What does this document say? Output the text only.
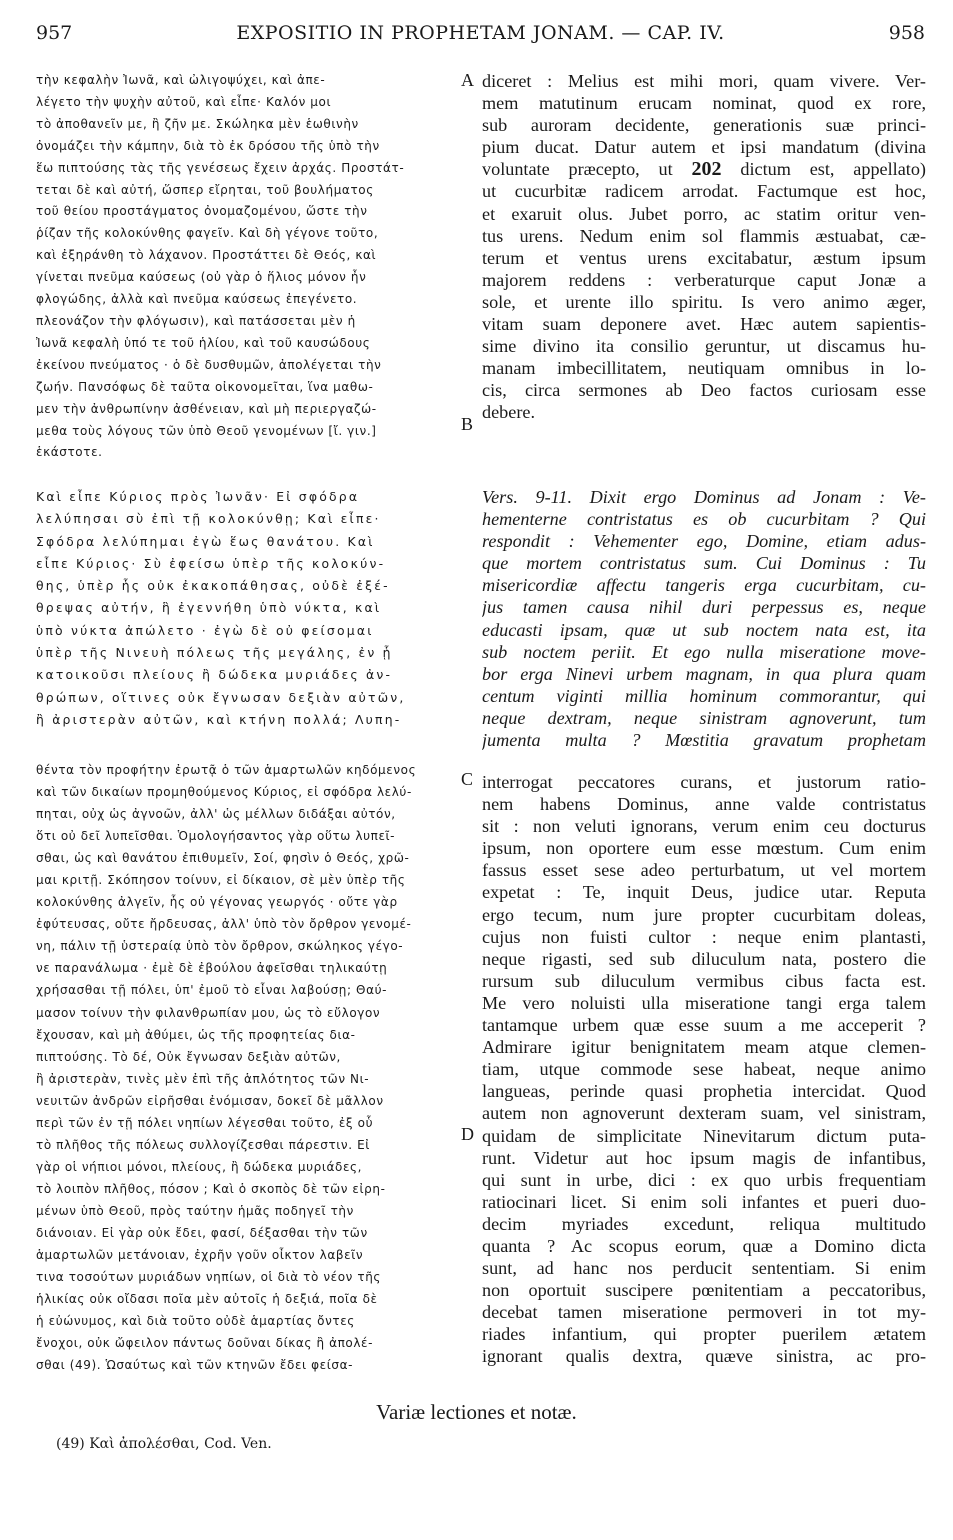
957	EXPOSITIO IN PROPHETAM JONAM. — CAP. IV.	958
τὴν κεφαλὴν Ἰωνᾶ, καὶ ὠλιγοψύχει, καὶ ἀπε-
λέγετο τὴν ψυχὴν αὐτοῦ, καὶ εἶπε· Καλόν μοι
τὸ ἀποθανεῖν με, ἢ ζῆν με. Σκώληκα μὲν ἑωθινὴν
ὀνομάζει τὴν κάμπην, διὰ τὸ ἐκ δρόσου τῆς ὑπὸ τὴν
ἕω πιπτούσης τὰς τῆς γενέσεως ἔχειν ἀρχάς. Προστάτ-
τεται δὲ καὶ αὐτή, ὥσπερ εἴρηται, τοῦ βουλήματος
τοῦ θείου προστάγματος ὀνομαζομένου, ὥστε τὴν
ῥίζαν τῆς κολοκύνθης φαγεῖν. Καὶ δὴ γέγονε τοῦτο,
καὶ ἐξηράνθη τὸ λάχανον. Προστάττει δὲ Θεός, καὶ
γίνεται πνεῦμα καύσεως (οὐ γὰρ ὁ ἥλιος μόνον ἦν
φλογώδης, ἀλλὰ καὶ πνεῦμα καύσεως ἐπεγένετο.
πλεονάζον τὴν φλόγωσιν), καὶ πατάσσεται μὲν ἡ
Ἰωνᾶ κεφαλὴ ὑπό τε τοῦ ἡλίου, καὶ τοῦ καυσώδους
ἐκείνου πνεύματος · ὁ δὲ δυσθυμῶν, ἀπολέγεται τὴν
ζωήν. Πανσόφως δὲ ταῦτα οἰκονομεῖται, ἵνα μαθω-
μεν τὴν ἀνθρωπίνην ἀσθένειαν, καὶ μὴ περιεργαζώ-
μεθα τοὺς λόγους τῶν ὑπὸ Θεοῦ γενομένων [ἴ. γιν.]
ἑκάστοτε.
diceret : Melius est mihi mori, quam vivere. Ver-
mem matutinum erucam nominat, quod ex rore,
sub auroram decidente, generationis suæ princi-
pium ducat. Datur autem et ipsi mandatum (divina
voluntate præcepto, ut 202 dictum est, appellato)
ut cucurbitæ radicem arrodat. Factumque est hoc,
et exaruit olus. Jubet porro, ac statim oritur ven-
tus urens. Nedum enim sol flammis æstuabat, cæ-
terum et ventus urens excitabatur, æstum ipsum
majorem reddens : verberaturque caput Jonæ a
sole, et urente illo spiritu. Is vero animo æger,
vitam suam deponere avet. Hæc autem sapientis-
sime divino ita consilio geruntur, ut discamus hu-
manam imbecillitatem, neutiquam omnibus in lo-
cis, circa sermones ab Deo factos curiosam esse
debere.
Καὶ εἶπε Κύριος πρὸς Ἰωνᾶν· Εἰ σφόδρα
λελύπησαι σὺ ἐπὶ τῇ κολοκύνθῃ; Καὶ εἶπε·
Σφόδρα λελύπημαι ἐγὼ ἕως θανάτου. Καὶ
εἶπε Κύριος· Σὺ ἐφείσω ὑπὲρ τῆς κολοκύν-
θης, ὑπὲρ ἧς οὐκ ἐκακοπάθησας, οὐδὲ ἐξέ-
θρεψας αὐτήν, ἣ ἐγεννήθη ὑπὸ νύκτα, καὶ
ὑπὸ νύκτα ἀπώλετο · ἐγὼ δὲ οὐ φείσομαι
ὑπὲρ τῆς Νινευὴ πόλεως τῆς μεγάλης, ἐν ᾗ
κατοικοῦσι πλείους ἢ δώδεκα μυριάδες ἀν-
θρώπων, οἵτινες οὐκ ἔγνωσαν δεξιὰν αὐτῶν,
ἢ ἀριστερὰν αὐτῶν, καὶ κτήνη πολλά; Λυπη-
θέντα τὸν προφήτην ἐρωτᾷ ὁ τῶν ἁμαρτωλῶν κηδόμενος
καὶ τῶν δικαίων προμηθούμενος Κύριος, εἰ σφόδρα λελύ-
πηται, οὐχ ὡς ἀγνοῶν, ἀλλ' ὡς μέλλων διδάξαι αὐτόν,
ὅτι οὐ δεῖ λυπεῖσθαι. Ὁμολογήσαντος γὰρ οὕτω λυπεῖ-
σθαι, ὡς καὶ θανάτου ἐπιθυμεῖν, Σοί, φησὶν ὁ Θεός, χρῶ-
μαι κριτῇ. Σκόπησον τοίνυν, εἰ δίκαιον, σὲ μὲν ὑπὲρ τῆς
κολοκύνθης ἀλγεῖν, ἧς οὐ γέγονας γεωργός · οὔτε γὰρ
ἐφύτευσας, οὔτε ἤρδευσας, ἀλλ' ὑπὸ τὸν ὄρθρον γενομέ-
νη, πάλιν τῇ ὑστεραίᾳ ὑπὸ τὸν ὄρθρον, σκώληκος γέγο-
νε παρανάλωμα · ἐμὲ δὲ ἐβούλου ἀφεῖσθαι τηλικαύτῃ
χρήσασθαι τῇ πόλει, ὑπ' ἐμοῦ τὸ εἶναι λαβούσῃ; Θαύ-
μασον τοίνυν τὴν φιλανθρωπίαν μου, ὡς τὸ εὔλογον
ἔχουσαν, καὶ μὴ ἀθύμει, ὡς τῆς προφητείας δια-
πιπτούσης. Τὸ δέ, Οὐκ ἔγνωσαν δεξιὰν αὐτῶν,
ἢ ἀριστερὰν, τινὲς μὲν ἐπὶ τῆς ἁπλότητος τῶν Νι-
νευιτῶν ἀνδρῶν εἰρῆσθαι ἐνόμισαν, δοκεῖ δὲ μᾶλλον
περὶ τῶν ἐν τῇ πόλει νηπίων λέγεσθαι τοῦτο, ἐξ οὗ
τὸ πλῆθος τῆς πόλεως συλλογίζεσθαι πάρεστιν. Εἰ
γὰρ οἱ νήπιοι μόνοι, πλείους, ἢ δώδεκα μυριάδες,
τὸ λοιπὸν πλῆθος, πόσον ; Καὶ ὁ σκοπὸς δὲ τῶν εἰρη-
μένων ὑπὸ Θεοῦ, πρὸς ταύτην ἡμᾶς ποδηγεῖ τὴν
διάνοιαν. Εἰ γὰρ οὐκ ἔδει, φασί, δέξασθαι τὴν τῶν
ἁμαρτωλῶν μετάνοιαν, ἐχρῆν γοῦν οἶκτον λαβεῖν
τινα τοσούτων μυριάδων νηπίων, οἱ διὰ τὸ νέον τῆς
ἡλικίας οὐκ οἴδασι ποῖα μὲν αὐτοῖς ἡ δεξιά, ποῖα δὲ
ἡ εὐώνυμος, καὶ διὰ τοῦτο οὐδὲ ἁμαρτίας ὄντες
ἔνοχοι, οὐκ ὤφειλον πάντως δοῦναι δίκας ἢ ἀπολέ-
σθαι (49). Ὡσαύτως καὶ τῶν κτηνῶν ἔδει φείσα-
Vers. 9-11. Dixit ergo Dominus ad Jonam : Ve-
hementerne contristatus es ob cucurbitam ? Qui
respondit : Vehementer ego, Domine, etiam adus-
que mortem contristatus sum. Cui Dominus : Tu
misericordiæ affectu tangeris erga cucurbitam, cu-
jus tamen causa nihil duri perpessus es, neque
educasti ipsam, quæ ut sub noctem nata est, ita
sub noctem periit. Et ego nulla miseratione move-
bor erga Ninevi urbem magnam, in qua plura quam
centum viginti millia hominum commorantur, qui
neque dextram, neque sinistram agnoverunt, tum
jumenta multa ? Mœstitia gravatum prophetam
interrogat peccatores curans, et justorum ratio-
nem habens Dominus, anne valde contristatus
sit : non veluti ignorans, verum enim ceu docturus
ipsum, non oportere eum esse mœstum. Cum enim
fassus esset sese adeo perturbatum, ut vel mortem
expetat : Te, inquit Deus, judice utar. Reputa
ergo tecum, num jure propter cucurbitam doleas,
cujus non fuisti cultor : neque enim plantasti,
neque rigasti, sed sub diluculum nata, postero die
rursum sub diluculum vermibus cibus facta est.
Me vero noluisti ulla miseratione tangi erga talem
tantamque urbem quæ esse suum a me acceperit ?
Admirare igitur benignitatem meam atque clemen-
tiam, utque commode sese habeat, neque animo
langueas, perinde quasi prophetia intercidat. Quod
autem non agnoverunt dexteram suam, vel sinistram,
quidam de simplicitate Ninevitarum dictum puta-
runt. Videtur aut hoc ipsum magis de infantibus,
qui sunt in urbe, dici : ex quo urbis frequentiam
ratiocinari licet. Si enim soli infantes et pueri duo-
decim myriades excedunt, reliqua multitudo
quanta ? Ac scopus eorum, quæ a Domino dicta
sunt, ad hanc nos perducit sententiam. Si enim
non oportuit suscipere pœnitentiam a peccatoribus,
decebat tamen miseratione permoveri in tot my-
riades infantium, qui propter puerilem ætatem
ignorant qualis dextra, quæve sinistra, ac pro-
A
B
C
D
Variæ lectiones et notæ.
(49) Καὶ ἀπολέσθαι, Cod. Ven.
